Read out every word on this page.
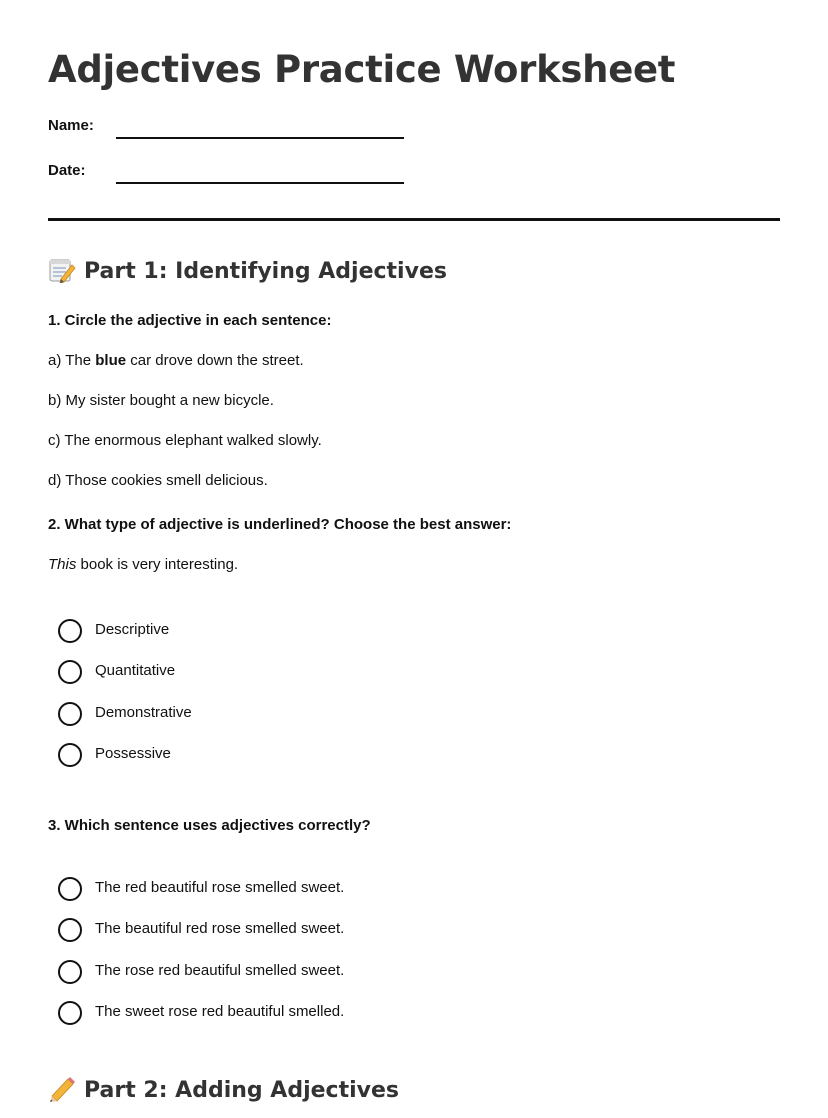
Adjectives Practice Worksheet
Name:
Date:
Part 1: Identifying Adjectives
1. Circle the adjective in each sentence:
a) The blue car drove down the street.
b) My sister bought a new bicycle.
c) The enormous elephant walked slowly.
d) Those cookies smell delicious.
2. What type of adjective is underlined? Choose the best answer:
This book is very interesting.
Descriptive
Quantitative
Demonstrative
Possessive
3. Which sentence uses adjectives correctly?
The red beautiful rose smelled sweet.
The beautiful red rose smelled sweet.
The rose red beautiful smelled sweet.
The sweet rose red beautiful smelled.
Part 2: Adding Adjectives
